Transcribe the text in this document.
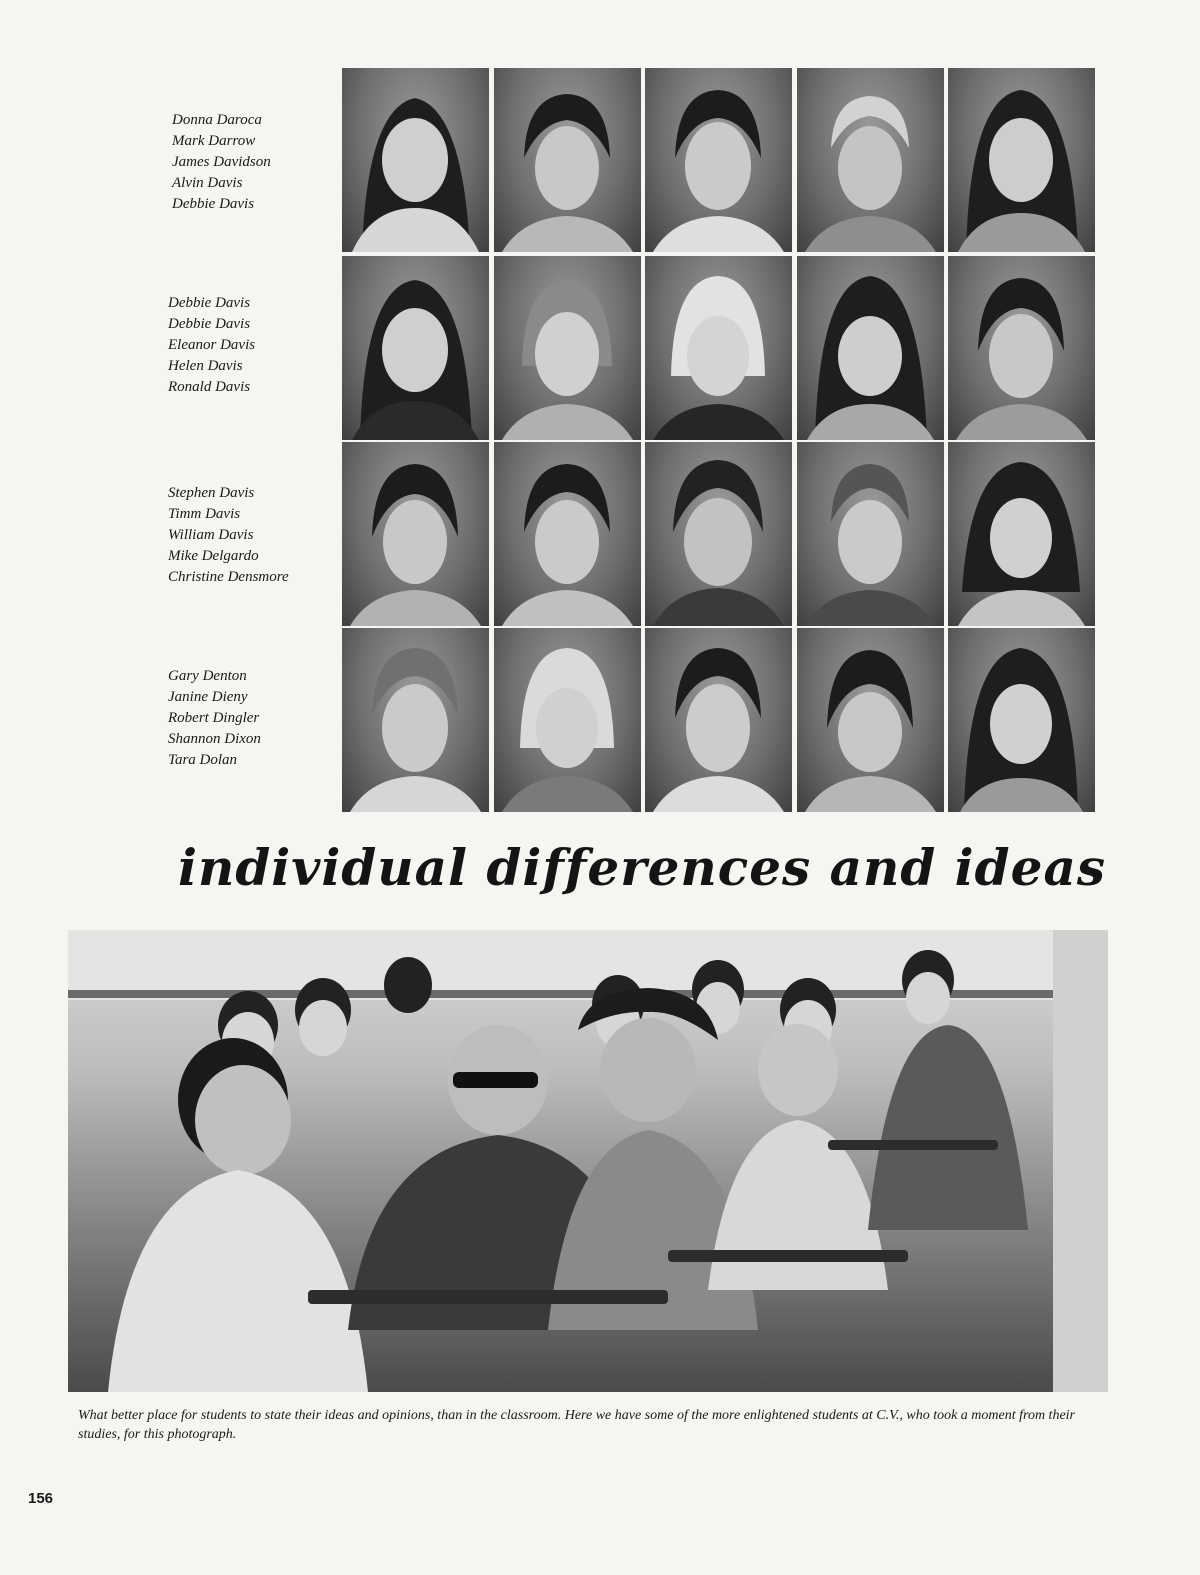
Donna Daroca
Mark Darrow
James Davidson
Alvin Davis
Debbie Davis
Debbie Davis
Debbie Davis
Eleanor Davis
Helen Davis
Ronald Davis
Stephen Davis
Timm Davis
William Davis
Mike Delgardo
Christine Densmore
Gary Denton
Janine Dieny
Robert Dingler
Shannon Dixon
Tara Dolan
individual differences and ideas
What better place for students to state their ideas and opinions, than in the classroom. Here we have some of the more enlightened students at C.V., who took a moment from their studies, for this photograph.
156
